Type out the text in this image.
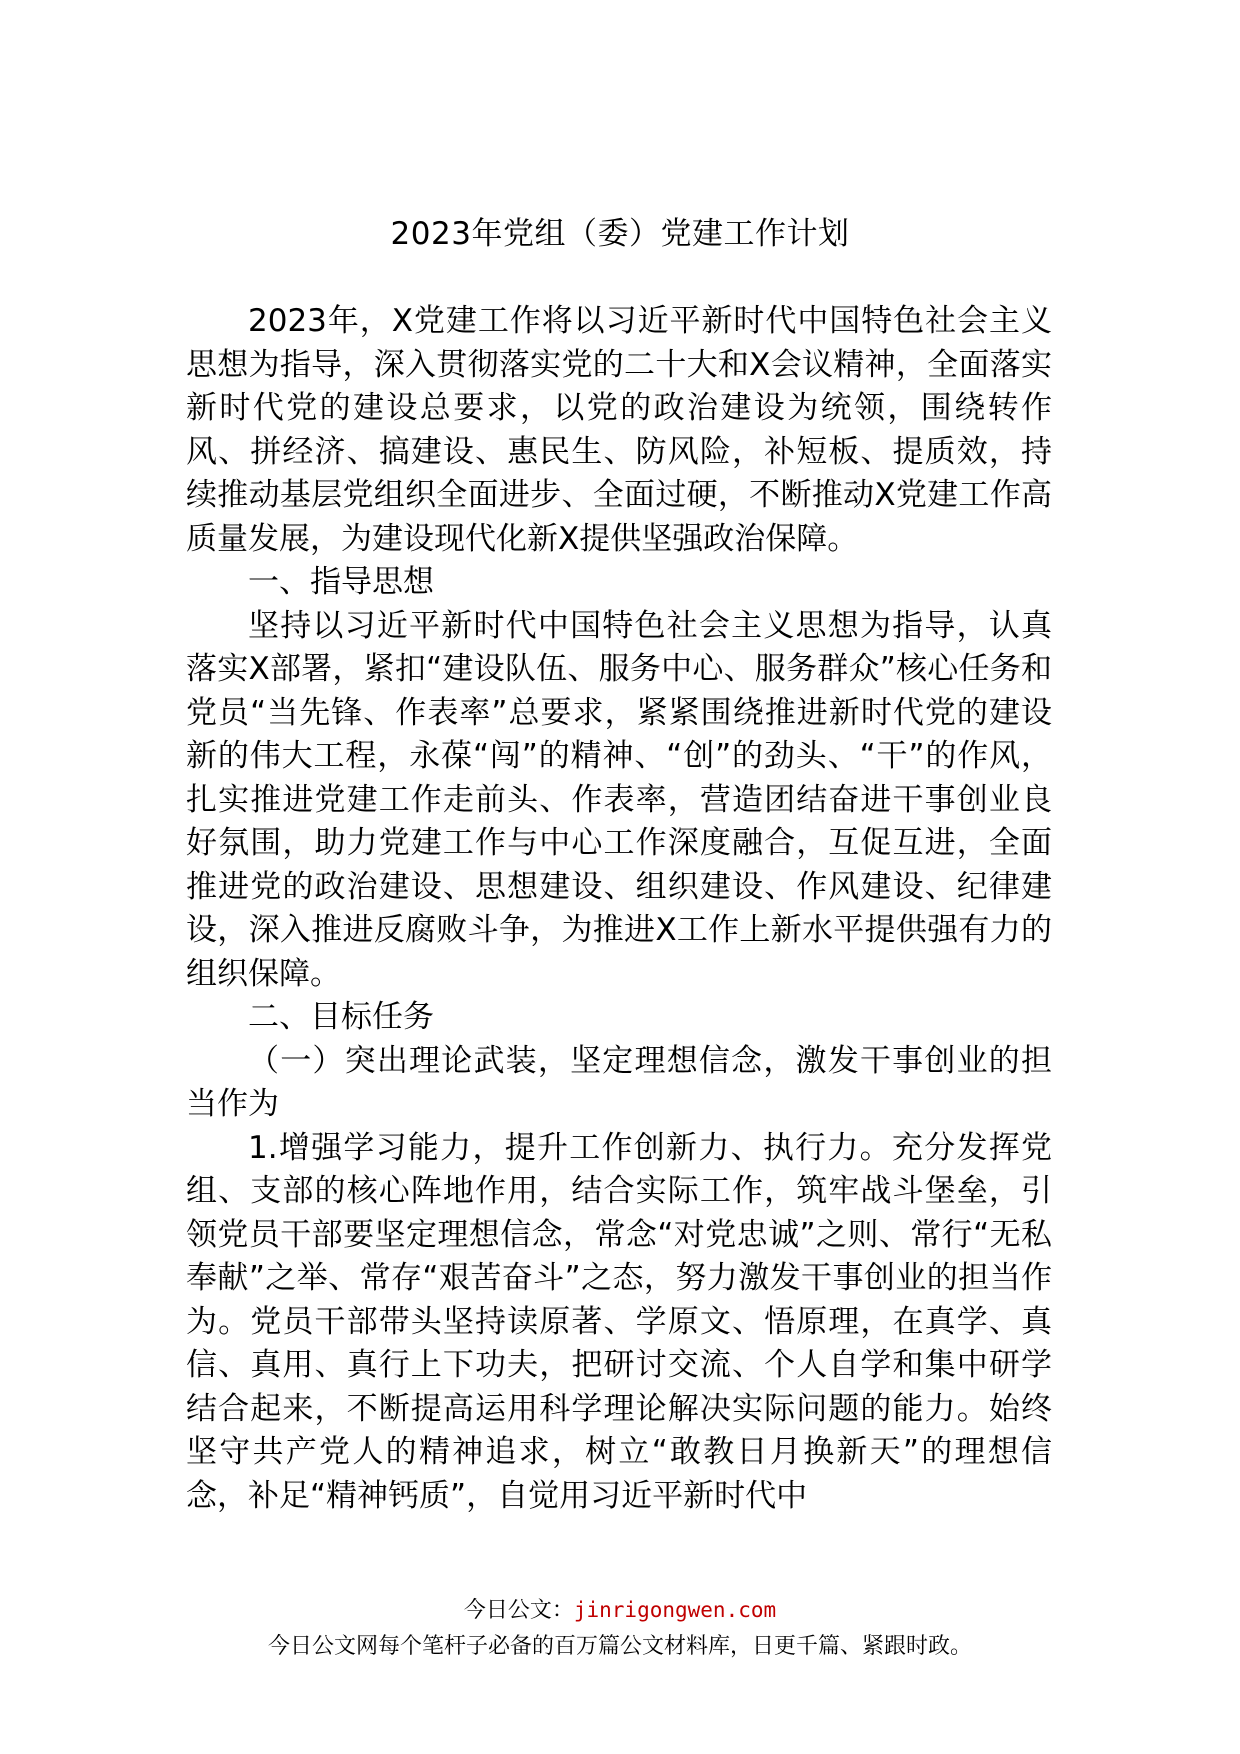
2023年党组（委）党建工作计划

2023年，X党建工作将以习近平新时代中国特色社会主义思想为指导，深入贯彻落实党的二十大和X会议精神，全面落实新时代党的建设总要求，以党的政治建设为统领，围绕转作风、拼经济、搞建设、惠民生、防风险，补短板、提质效，持续推动基层党组织全面进步、全面过硬，不断推动X党建工作高质量发展，为建设现代化新X提供坚强政治保障。

一、指导思想

坚持以习近平新时代中国特色社会主义思想为指导，认真落实X部署，紧扣“建设队伍、服务中心、服务群众”核心任务和党员“当先锋、作表率”总要求，紧紧围绕推进新时代党的建设新的伟大工程，永葆“闯”的精神、“创”的劲头、“干”的作风，扎实推进党建工作走前头、作表率，营造团结奋进干事创业良好氛围，助力党建工作与中心工作深度融合，互促互进，全面推进党的政治建设、思想建设、组织建设、作风建设、纪律建设，深入推进反腐败斗争，为推进X工作上新水平提供强有力的组织保障。

二、目标任务

（一）突出理论武装，坚定理想信念，激发干事创业的担当作为

1.增强学习能力，提升工作创新力、执行力。充分发挥党组、支部的核心阵地作用，结合实际工作，筑牢战斗堡垒，引领党员干部要坚定理想信念，常念“对党忠诚”之则、常行“无私奉献”之举、常存“艰苦奋斗”之态，努力激发干事创业的担当作为。党员干部带头坚持读原著、学原文、悟原理，在真学、真信、真用、真行上下功夫，把研讨交流、个人自学和集中研学结合起来，不断提高运用科学理论解决实际问题的能力。始终坚守共产党人的精神追求，树立“敢教日月换新天”的理想信念，补足“精神钙质”，自觉用习近平新时代中

今日公文：jinrigongwen.com
今日公文网每个笔杆子必备的百万篇公文材料库，日更千篇、紧跟时政。
